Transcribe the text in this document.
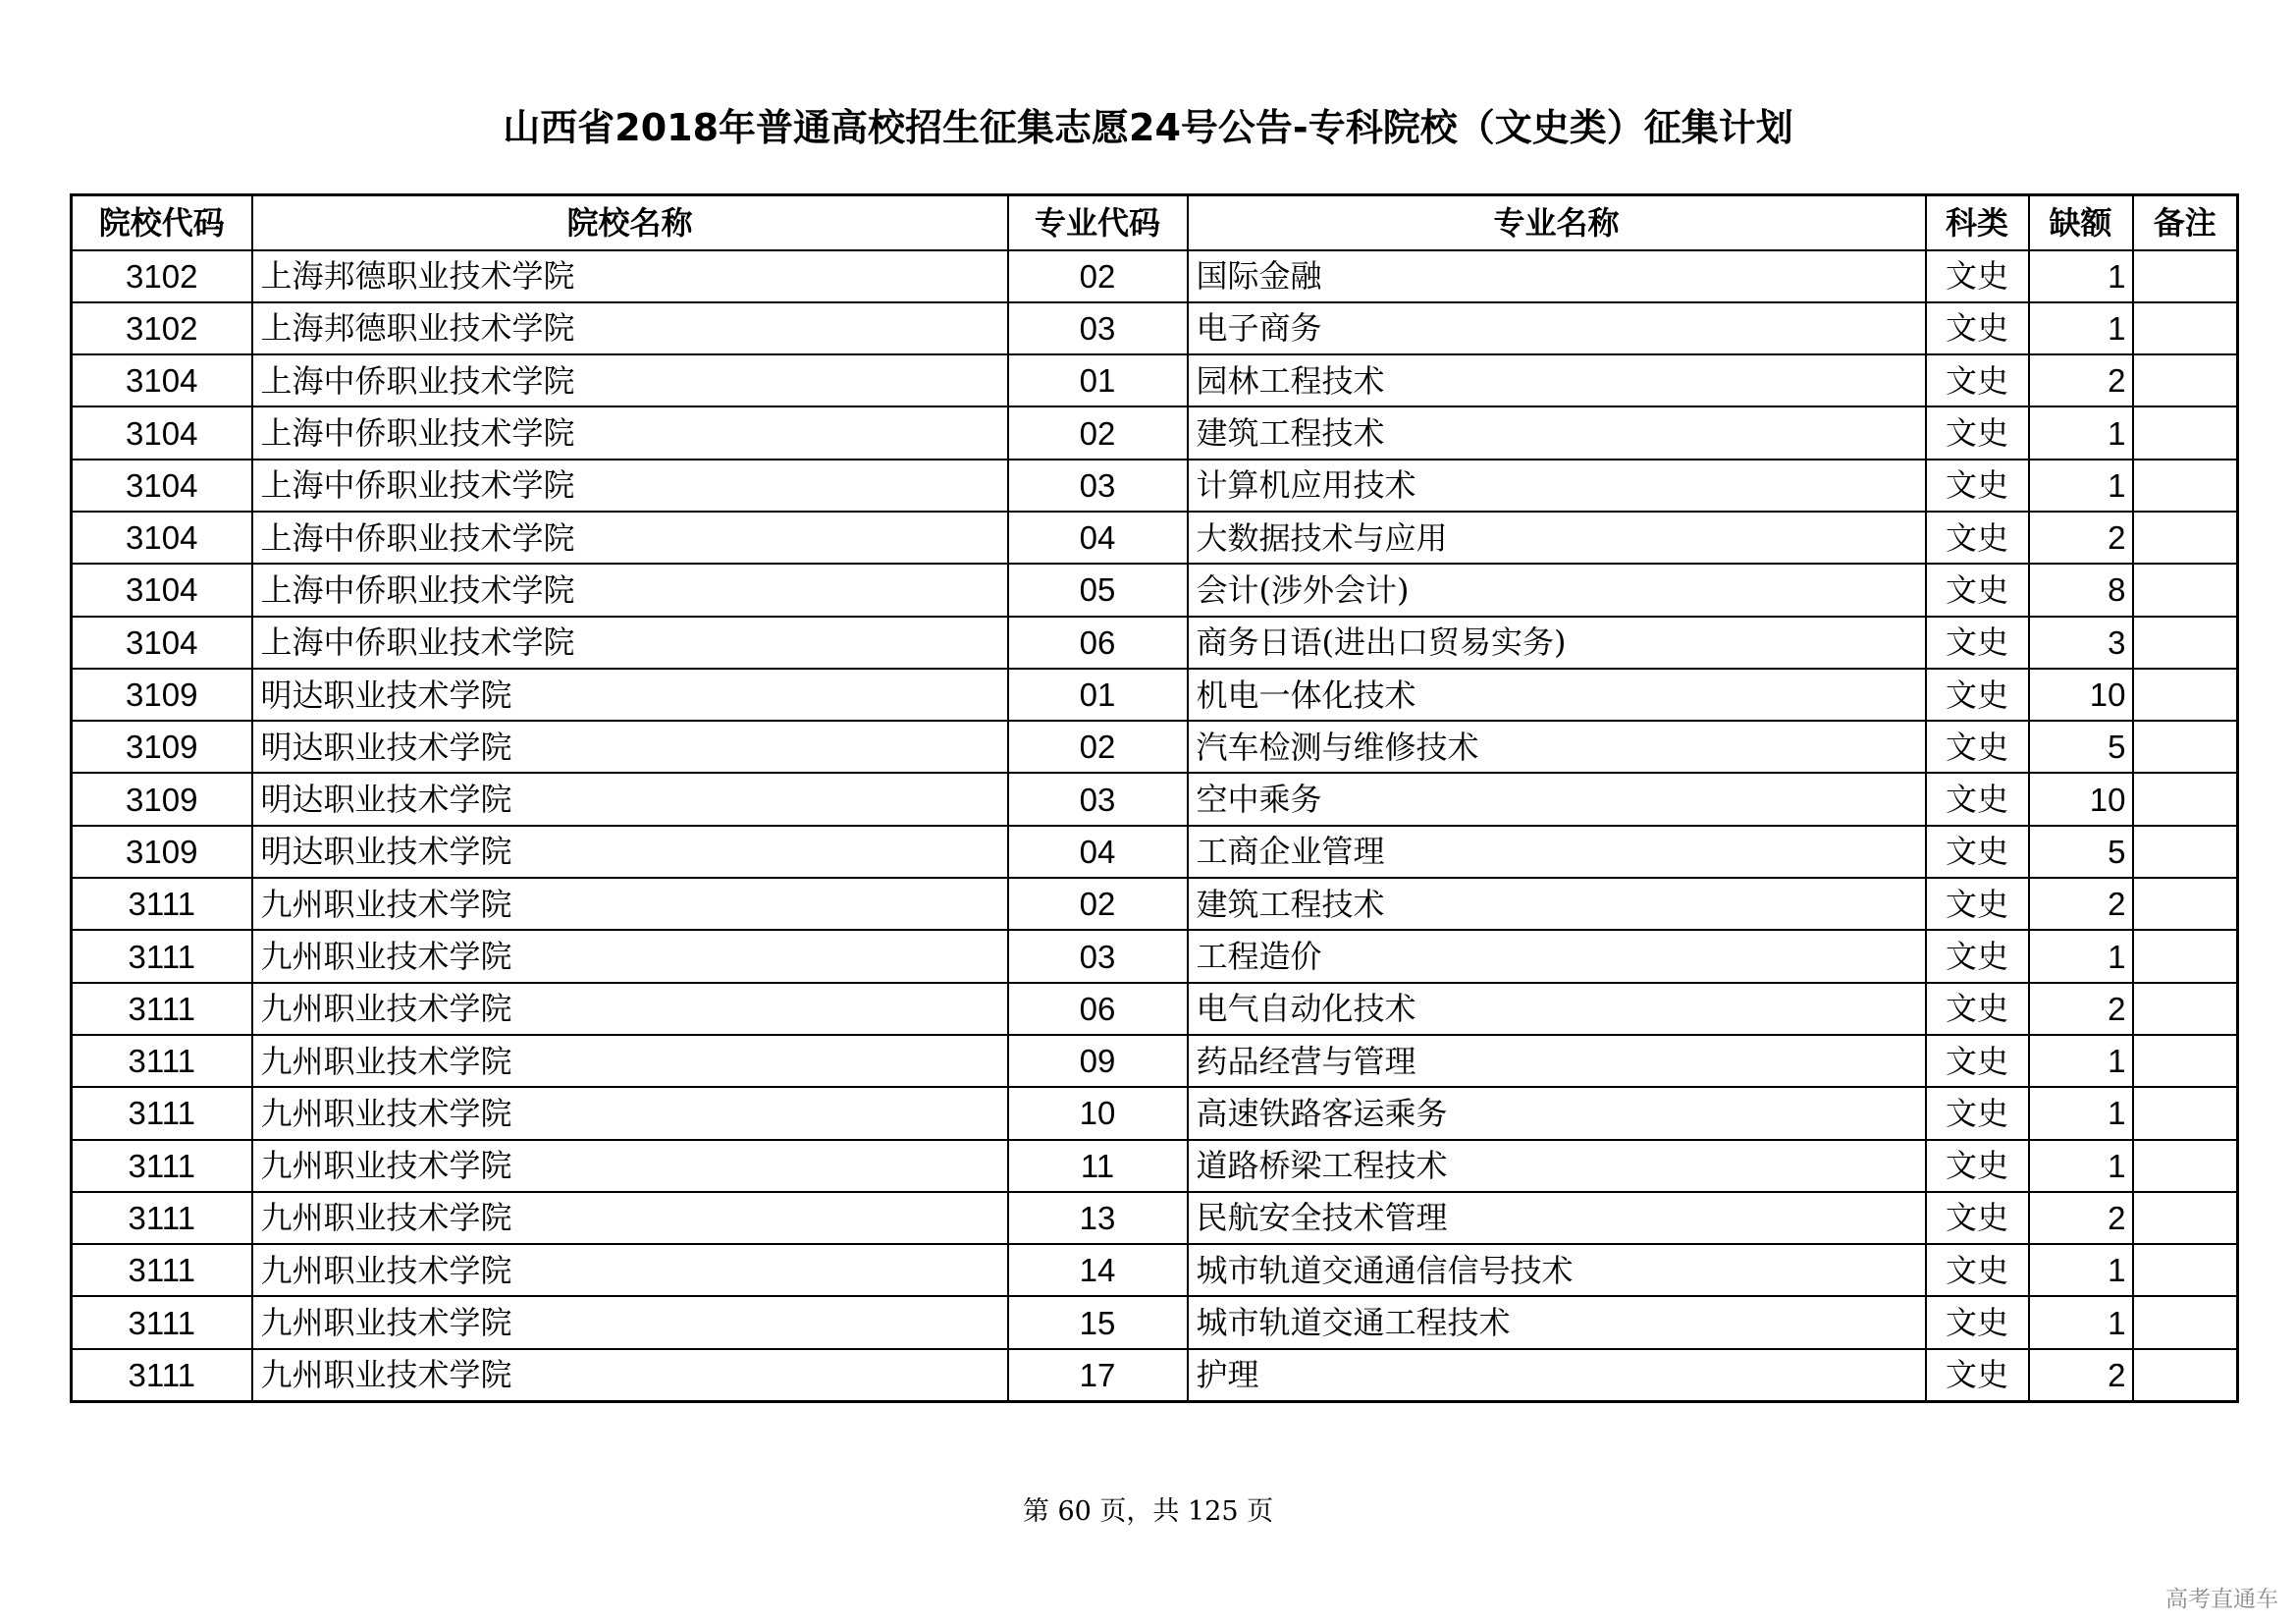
山西省2018年普通高校招生征集志愿24号公告-专科院校（文史类）征集计划
院校代码	院校名称	专业代码	专业名称	科类	缺额	备注
3102	上海邦德职业技术学院	02	国际金融	文史	1	
3102	上海邦德职业技术学院	03	电子商务	文史	1	
3104	上海中侨职业技术学院	01	园林工程技术	文史	2	
3104	上海中侨职业技术学院	02	建筑工程技术	文史	1	
3104	上海中侨职业技术学院	03	计算机应用技术	文史	1	
3104	上海中侨职业技术学院	04	大数据技术与应用	文史	2	
3104	上海中侨职业技术学院	05	会计(涉外会计)	文史	8	
3104	上海中侨职业技术学院	06	商务日语(进出口贸易实务)	文史	3	
3109	明达职业技术学院	01	机电一体化技术	文史	10	
3109	明达职业技术学院	02	汽车检测与维修技术	文史	5	
3109	明达职业技术学院	03	空中乘务	文史	10	
3109	明达职业技术学院	04	工商企业管理	文史	5	
3111	九州职业技术学院	02	建筑工程技术	文史	2	
3111	九州职业技术学院	03	工程造价	文史	1	
3111	九州职业技术学院	06	电气自动化技术	文史	2	
3111	九州职业技术学院	09	药品经营与管理	文史	1	
3111	九州职业技术学院	10	高速铁路客运乘务	文史	1	
3111	九州职业技术学院	11	道路桥梁工程技术	文史	1	
3111	九州职业技术学院	13	民航安全技术管理	文史	2	
3111	九州职业技术学院	14	城市轨道交通通信信号技术	文史	1	
3111	九州职业技术学院	15	城市轨道交通工程技术	文史	1	
3111	九州职业技术学院	17	护理	文史	2	
第 60 页，共 125 页
高考直通车
